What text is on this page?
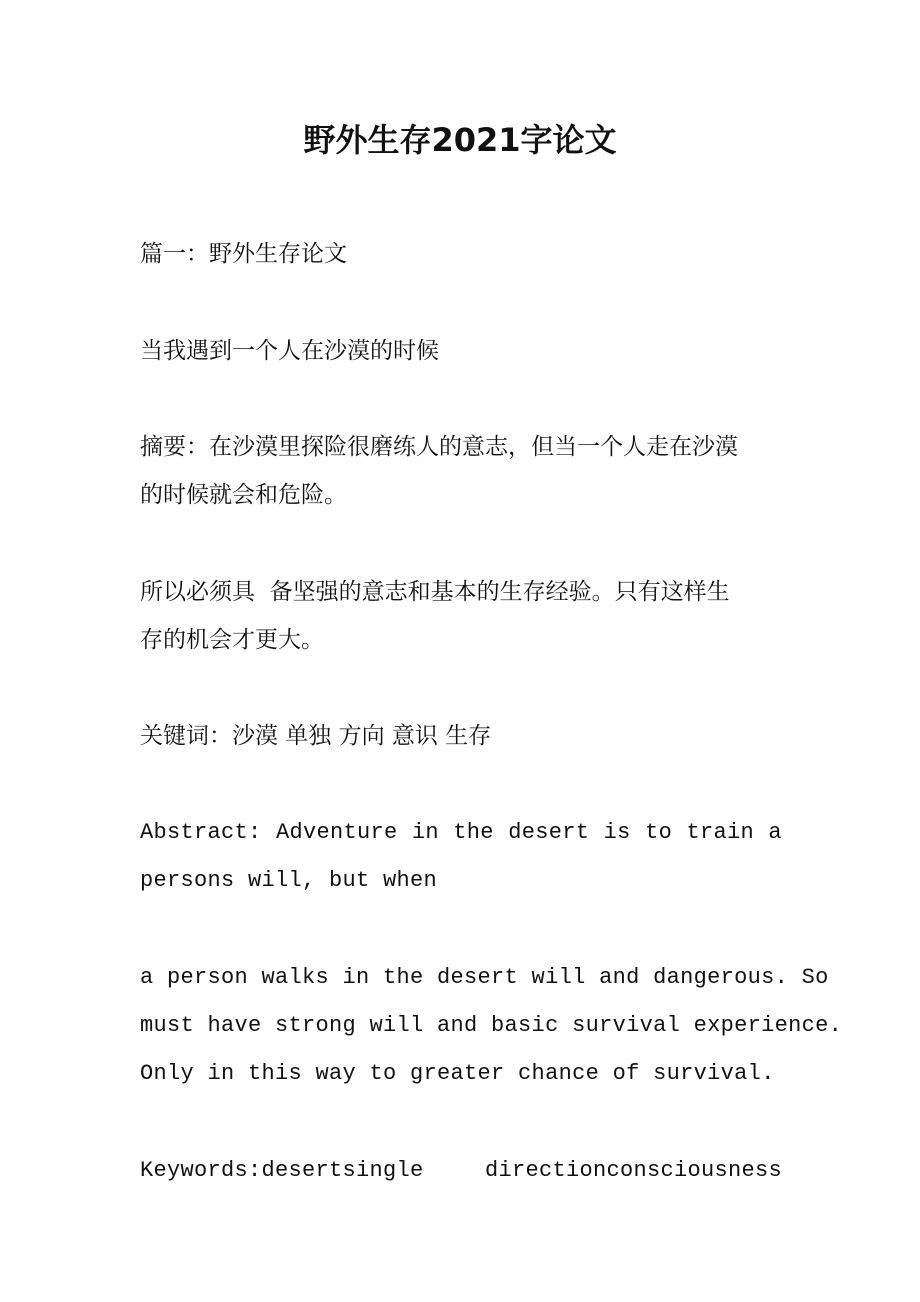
野外生存2021字论文

篇一：野外生存论文

当我遇到一个人在沙漠的时候

摘要：在沙漠里探险很磨练人的意志，但当一个人走在沙漠

的时候就会和危险。

所以必须具  备坚强的意志和基本的生存经验。只有这样生

存的机会才更大。

关键词：沙漠 单独 方向 意识 生存

Abstract: Adventure in the desert is to train a

persons will, but when

a person walks in the desert will and dangerous. So

must have strong will and basic survival experience.

Only in this way to greater chance of survival.

Keywords:desertsingle	directionconsciousness
